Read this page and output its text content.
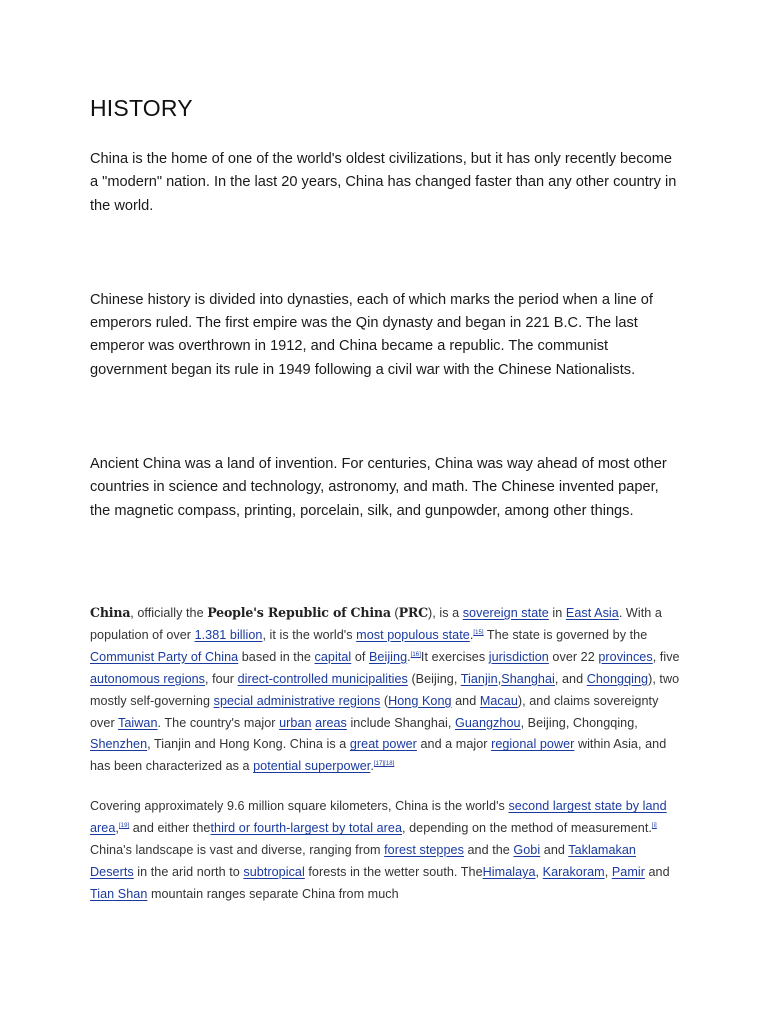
HISTORY

China is the home of one of the world's oldest civilizations, but it has only recently become a "modern" nation. In the last 20 years, China has changed faster than any other country in the world.

Chinese history is divided into dynasties, each of which marks the period when a line of emperors ruled. The first empire was the Qin dynasty and began in 221 B.C. The last emperor was overthrown in 1912, and China became a republic. The communist government began its rule in 1949 following a civil war with the Chinese Nationalists.

Ancient China was a land of invention. For centuries, China was way ahead of most other countries in science and technology, astronomy, and math. The Chinese invented paper, the magnetic compass, printing, porcelain, silk, and gunpowder, among other things.

China, officially the People's Republic of China (PRC), is a sovereign state in East Asia. With a population of over 1.381 billion, it is the world's most populous state.[15] The state is governed by the Communist Party of China based in the capital of Beijing.[16]It exercises jurisdiction over 22 provinces, five autonomous regions, four direct-controlled municipalities (Beijing, Tianjin,Shanghai, and Chongqing), two mostly self-governing special administrative regions (Hong Kong and Macau), and claims sovereignty over Taiwan. The country's major urban areas include Shanghai, Guangzhou, Beijing, Chongqing, Shenzhen, Tianjin and Hong Kong. China is a great power and a major regional power within Asia, and has been characterized as a potential superpower.[17][18]

Covering approximately 9.6 million square kilometers, China is the world's second largest state by land area,[19] and either thethird or fourth-largest by total area, depending on the method of measurement.[i] China's landscape is vast and diverse, ranging from forest steppes and the Gobi and Taklamakan Deserts in the arid north to subtropical forests in the wetter south. TheHimalaya, Karakoram, Pamir and Tian Shan mountain ranges separate China from much
